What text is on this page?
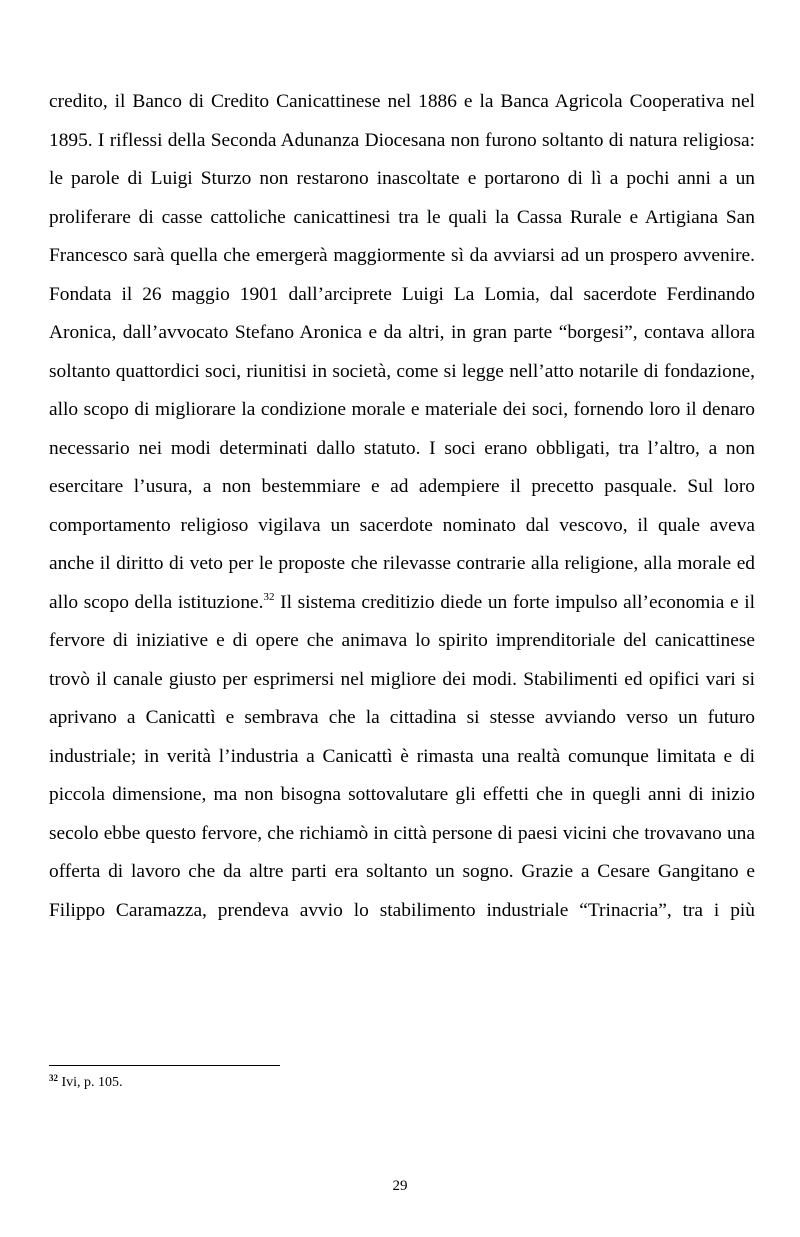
credito, il Banco di Credito Canicattinese nel 1886 e la Banca Agricola Cooperativa nel 1895. I riflessi della Seconda Adunanza Diocesana non furono soltanto di natura religiosa: le parole di Luigi Sturzo non restarono inascoltate e portarono di lì a pochi anni a un proliferare di casse cattoliche canicattinesi tra le quali la Cassa Rurale e Artigiana San Francesco sarà quella che emergerà maggiormente sì da avviarsi ad un prospero avvenire. Fondata il 26 maggio 1901 dall’arciprete Luigi La Lomia, dal sacerdote Ferdinando Aronica, dall’avvocato Stefano Aronica e da altri, in gran parte “borgesi”, contava allora soltanto quattordici soci, riunitisi in società, come si legge nell’atto notarile di fondazione, allo scopo di migliorare la condizione morale e materiale dei soci, fornendo loro il denaro necessario nei modi determinati dallo statuto. I soci erano obbligati, tra l’altro, a non esercitare l’usura, a non bestemmiare e ad adempiere il precetto pasquale. Sul loro comportamento religioso vigilava un sacerdote nominato dal vescovo, il quale aveva anche il diritto di veto per le proposte che rilevasse contrarie alla religione, alla morale ed allo scopo della istituzione.$^{32}$ Il sistema creditizio diede un forte impulso all’economia e il fervore di iniziative e di opere che animava lo spirito imprenditoriale del canicattinese trovò il canale giusto per esprimersi nel migliore dei modi. Stabilimenti ed opifici vari si aprivano a Canicattì e sembrava che la cittadina si stesse avviando verso un futuro industriale; in verità l’industria a Canicattì è rimasta una realtà comunque limitata e di piccola dimensione, ma non bisogna sottovalutare gli effetti che in quegli anni di inizio secolo ebbe questo fervore, che richiamò in città persone di paesi vicini che trovavano una offerta di lavoro che da altre parti era soltanto un sogno. Grazie a Cesare Gangitano e Filippo Caramazza, prendeva avvio lo stabilimento industriale “Trinacria”, tra i più

$^{32}$ Ivi, p. 105.
29
